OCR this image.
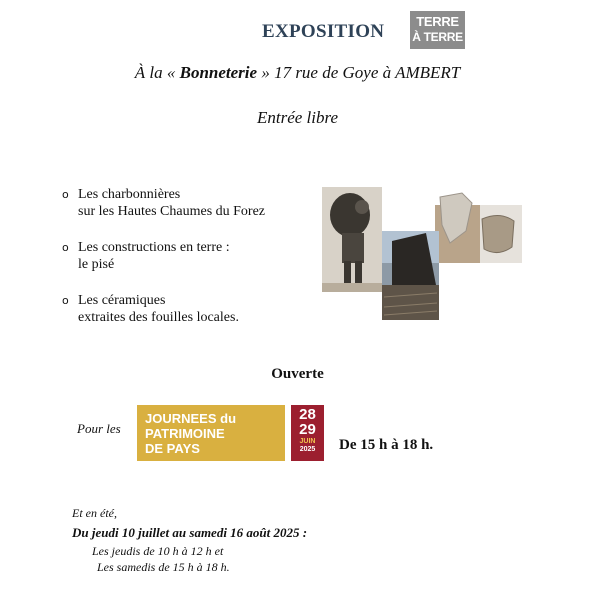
EXPOSITION	TERRE
À TERRE
À la « Bonneterie » 17 rue de Goye à AMBERT
Entrée libre
o Les charbonnières
sur les Hautes Chaumes du Forez
o Les constructions en terre :
le pisé
o Les céramiques
extraites des fouilles locales.
Ouverte
Pour les
JOURNEES du
PATRIMOINE
DE PAYS
28
29
JUIN
2025	De 15 h à 18 h.
Et en été,
Du jeudi 10 juillet au samedi 16 août 2025 :
Les jeudis de 10 h à 12 h et
Les samedis de 15 h à 18 h.
